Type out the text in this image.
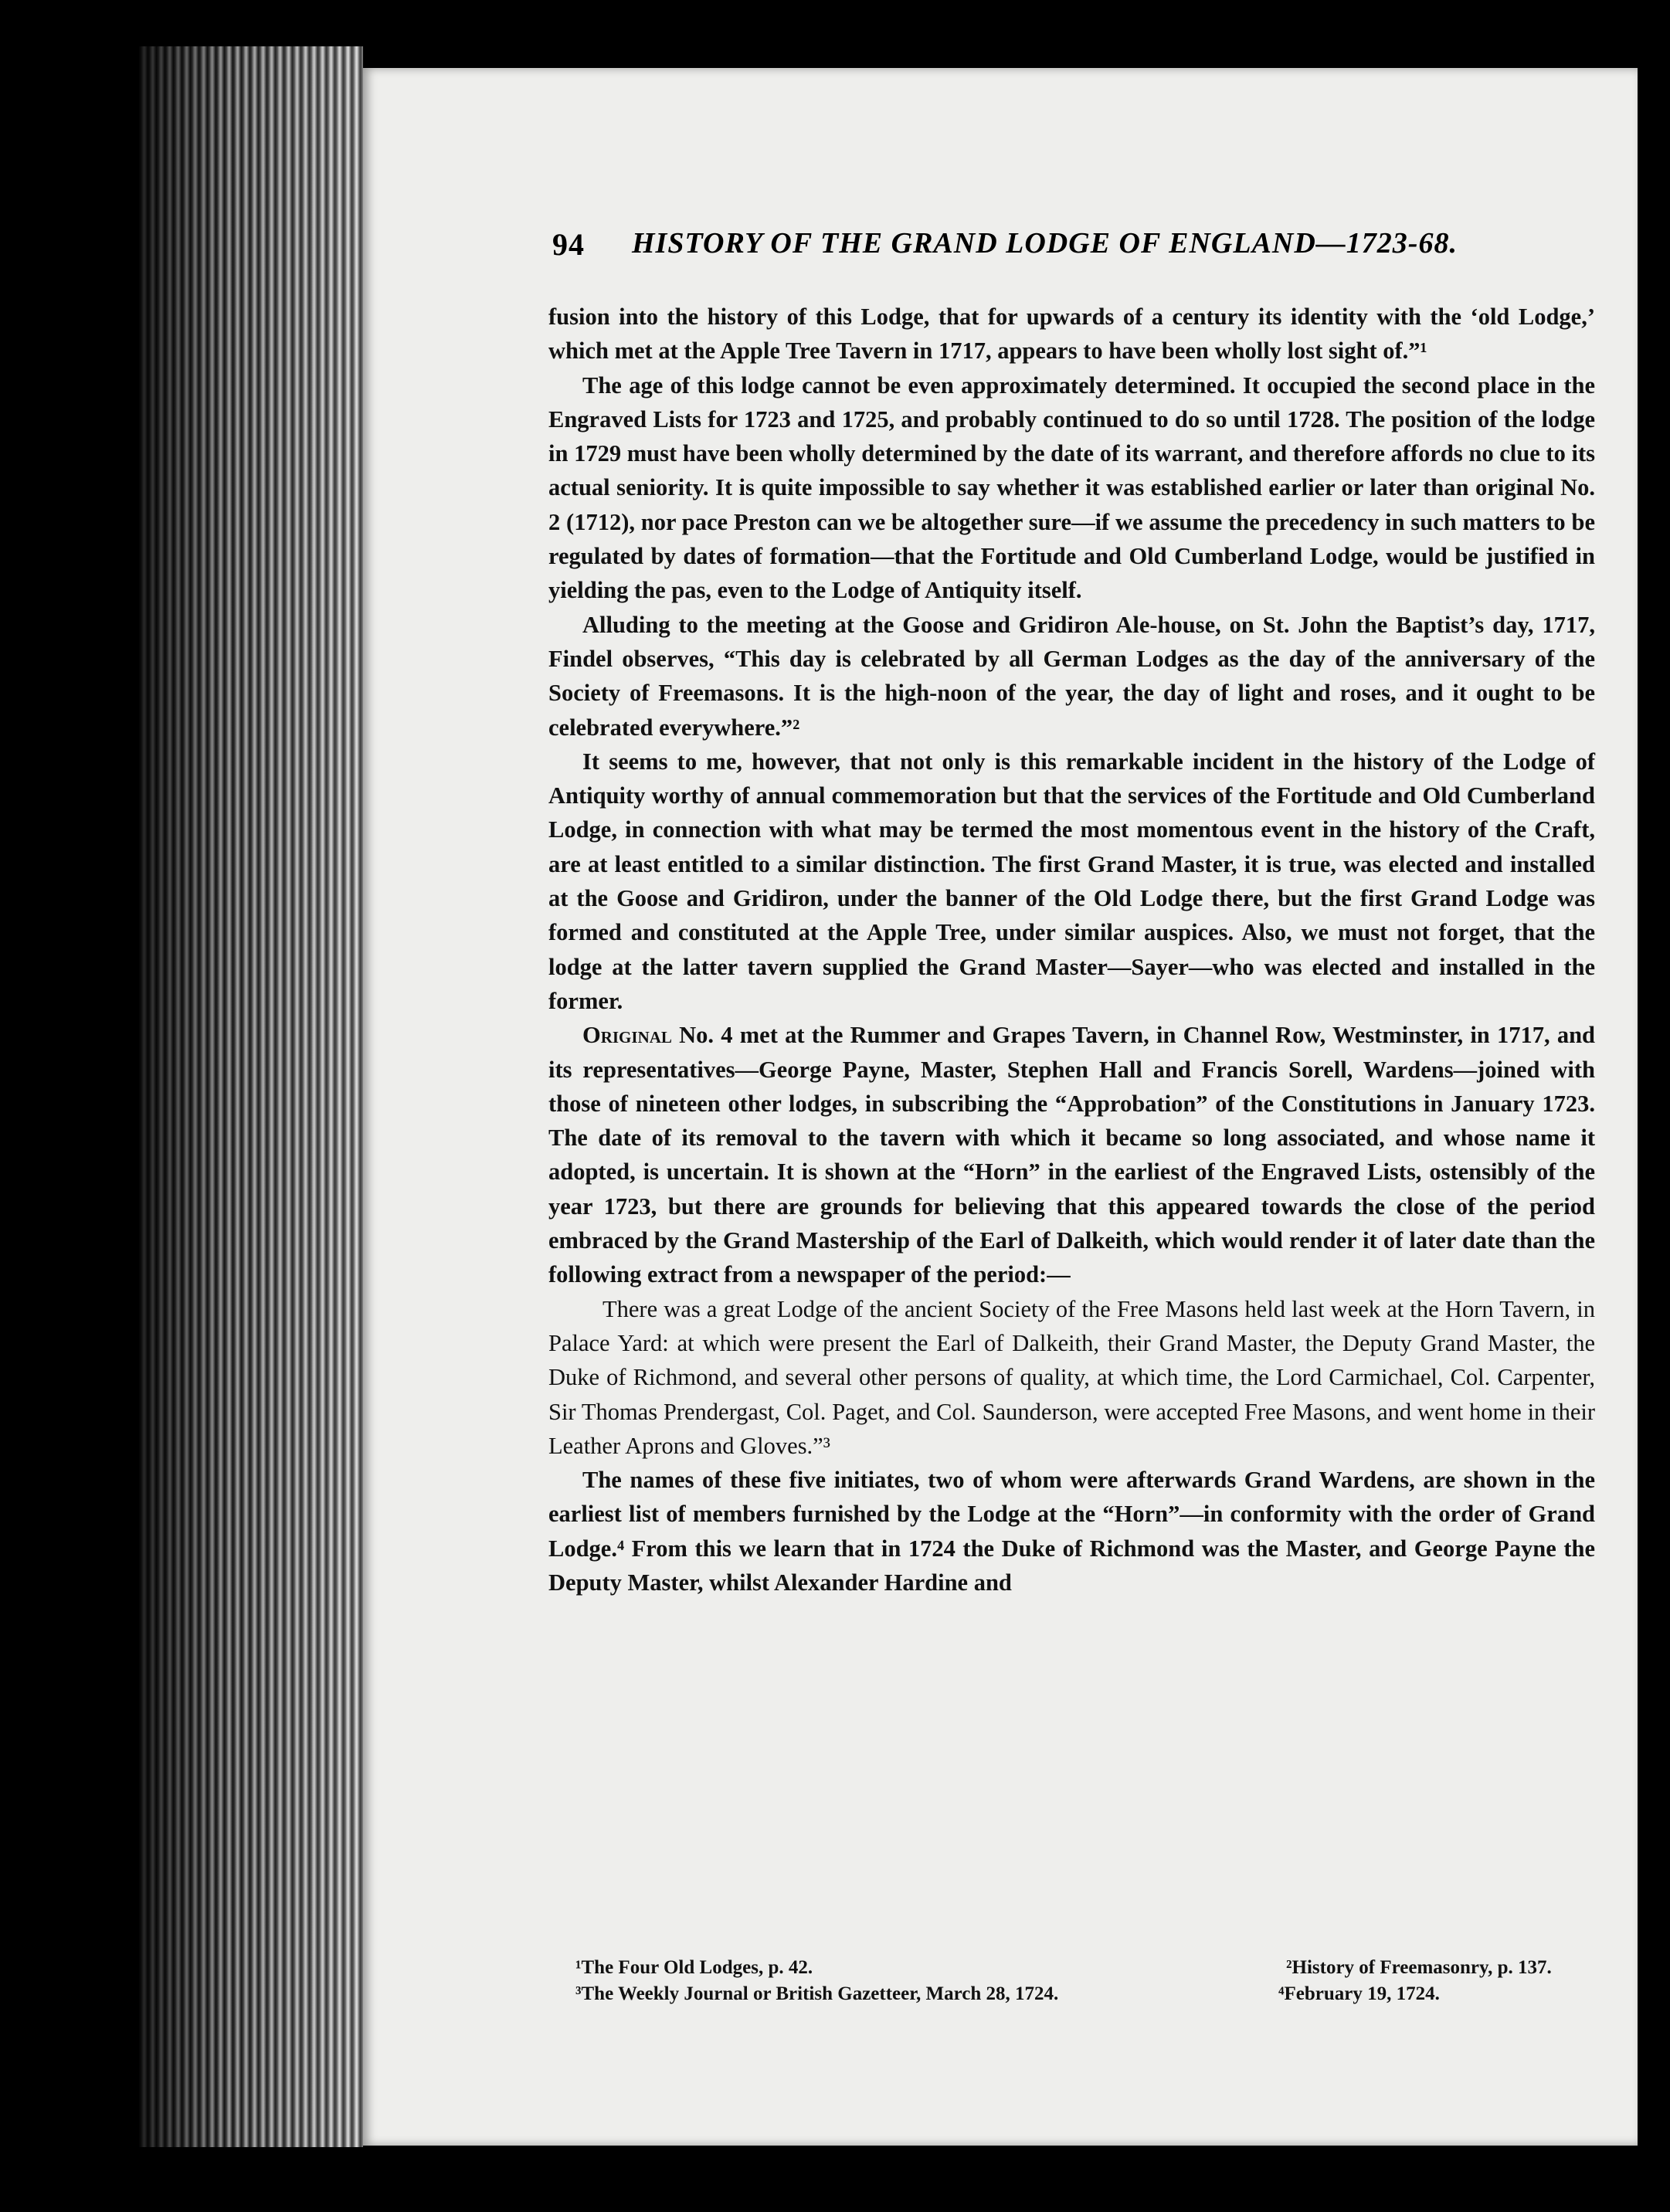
94 HISTORY OF THE GRAND LODGE OF ENGLAND—1723-68.

fusion into the history of this Lodge, that for upwards of a century its identity with the ‘old Lodge,’ which met at the Apple Tree Tavern in 1717, appears to have been wholly lost sight of.”¹

The age of this lodge cannot be even approximately determined. It occupied the second place in the Engraved Lists for 1723 and 1725, and probably continued to do so until 1728. The position of the lodge in 1729 must have been wholly determined by the date of its warrant, and therefore affords no clue to its actual seniority. It is quite impossible to say whether it was established earlier or later than original No. 2 (1712), nor pace Preston can we be altogether sure—if we assume the precedency in such matters to be regulated by dates of formation—that the Fortitude and Old Cumberland Lodge, would be justified in yielding the pas, even to the Lodge of Antiquity itself.

Alluding to the meeting at the Goose and Gridiron Ale-house, on St. John the Baptist’s day, 1717, Findel observes, “This day is celebrated by all German Lodges as the day of the anniversary of the Society of Freemasons. It is the high-noon of the year, the day of light and roses, and it ought to be celebrated everywhere.”²

It seems to me, however, that not only is this remarkable incident in the history of the Lodge of Antiquity worthy of annual commemoration but that the services of the Fortitude and Old Cumberland Lodge, in connection with what may be termed the most momentous event in the history of the Craft, are at least entitled to a similar distinction. The first Grand Master, it is true, was elected and installed at the Goose and Gridiron, under the banner of the Old Lodge there, but the first Grand Lodge was formed and constituted at the Apple Tree, under similar auspices. Also, we must not forget, that the lodge at the latter tavern supplied the Grand Master—Sayer—who was elected and installed in the former.

Original No. 4 met at the Rummer and Grapes Tavern, in Channel Row, Westminster, in 1717, and its representatives—George Payne, Master, Stephen Hall and Francis Sorell, Wardens—joined with those of nineteen other lodges, in subscribing the “Approbation” of the Constitutions in January 1723. The date of its removal to the tavern with which it became so long associated, and whose name it adopted, is uncertain. It is shown at the “Horn” in the earliest of the Engraved Lists, ostensibly of the year 1723, but there are grounds for believing that this appeared towards the close of the period embraced by the Grand Mastership of the Earl of Dalkeith, which would render it of later date than the following extract from a newspaper of the period:—

There was a great Lodge of the ancient Society of the Free Masons held last week at the Horn Tavern, in Palace Yard: at which were present the Earl of Dalkeith, their Grand Master, the Deputy Grand Master, the Duke of Richmond, and several other persons of quality, at which time, the Lord Carmichael, Col. Carpenter, Sir Thomas Prendergast, Col. Paget, and Col. Saunderson, were accepted Free Masons, and went home in their Leather Aprons and Gloves.”³

The names of these five initiates, two of whom were afterwards Grand Wardens, are shown in the earliest list of members furnished by the Lodge at the “Horn”—in conformity with the order of Grand Lodge.⁴ From this we learn that in 1724 the Duke of Richmond was the Master, and George Payne the Deputy Master, whilst Alexander Hardine and

¹The Four Old Lodges, p. 42.	²History of Freemasonry, p. 137.
³The Weekly Journal or British Gazetteer, March 28, 1724.	⁴February 19, 1724.
